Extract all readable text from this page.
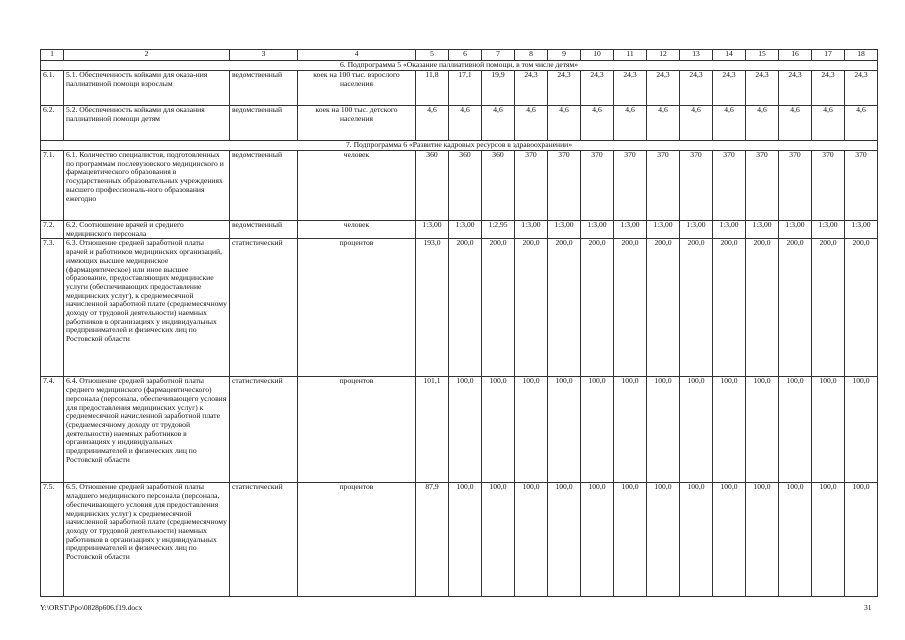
1	2	3	4	5	6	7	8	9	10	11	12	13	14	15	16	17	18
6. Подпрограмма 5 «Оказание паллиативной помощи, в том числе детям»																	
6.1.	5.1. Обеспеченность койками для оказа-ния паллиативной помощи взрослым	ведомственный	коек на 100 тыс. взрослого населения	11,8	17,1	19,9	24,3	24,3	24,3	24,3	24,3	24,3	24,3	24,3	24,3	24,3	24,3
6.2.	5.2. Обеспеченность койками для оказания паллиативной помощи детям	ведомственный	коек на 100 тыс. детского населения	4,6	4,6	4,6	4,6	4,6	4,6	4,6	4,6	4,6	4,6	4,6	4,6	4,6	4,6
7. Подпрограмма 6 «Развитие кадровых ресурсов в здравоохранении»																	
7.1.	6.1. Количество специалистов, подготовленных по программам послевузовского медицинского и фармацевтического образования в государственных образовательных учреждениях высшего профессиональ-ного образования ежегодно	ведомственный	человек	360	360	360	370	370	370	370	370	370	370	370	370	370	370
7.2.	6.2. Соотношение врачей и среднего медицинского персонала	ведомственный	человек	1:3,00	1:3,00	1:2,95	1:3,00	1:3,00	1:3,00	1:3,00	1:3,00	1:3,00	1:3,00	1:3,00	1:3,00	1:3,00	1:3,00
7.3.	6.3. Отношение средней заработной платы врачей и работников медицинских организаций, имеющих высшее медицинское (фармацевтическое) или иное высшее образование, предоставляющих медицинские услуги (обеспечивающих предоставление медицинских услуг), к среднемесячной начисленной заработной плате (среднемесячному доходу от трудовой деятельности) наемных работников в организациях у индивидуальных предпринимателей и физических лиц по Ростовской области	статистический	процентов	193,0	200,0	200,0	200,0	200,0	200,0	200,0	200,0	200,0	200,0	200,0	200,0	200,0	200,0
7.4.	6.4. Отношение средней заработной платы среднего медицинского (фармацевтического) персонала (персонала, обеспечивающего условия для предоставления медицинских услуг) к среднемесячной начисленной заработной плате (среднемесячному доходу от трудовой деятельности) наемных работников в организациях у индивидуальных предпринимателей и физических лиц по Ростовской области	статистический	процентов	101,1	100,0	100,0	100,0	100,0	100,0	100,0	100,0	100,0	100,0	100,0	100,0	100,0	100,0
7.5.	6.5. Отношение средней заработной платы младшего медицинского персонала (персонала, обеспечивающего условия для предоставления медицинских услуг) к среднемесячной начисленной заработной плате (среднемесячному доходу от трудовой деятельности) наемных работников в организациях у индивидуальных предпринимателей и физических лиц по Ростовской области	статистический	процентов	87,9	100,0	100,0	100,0	100,0	100,0	100,0	100,0	100,0	100,0	100,0	100,0	100,0	100,0
Y:\ORST\Ppo\0828p606.f19.docx	31
